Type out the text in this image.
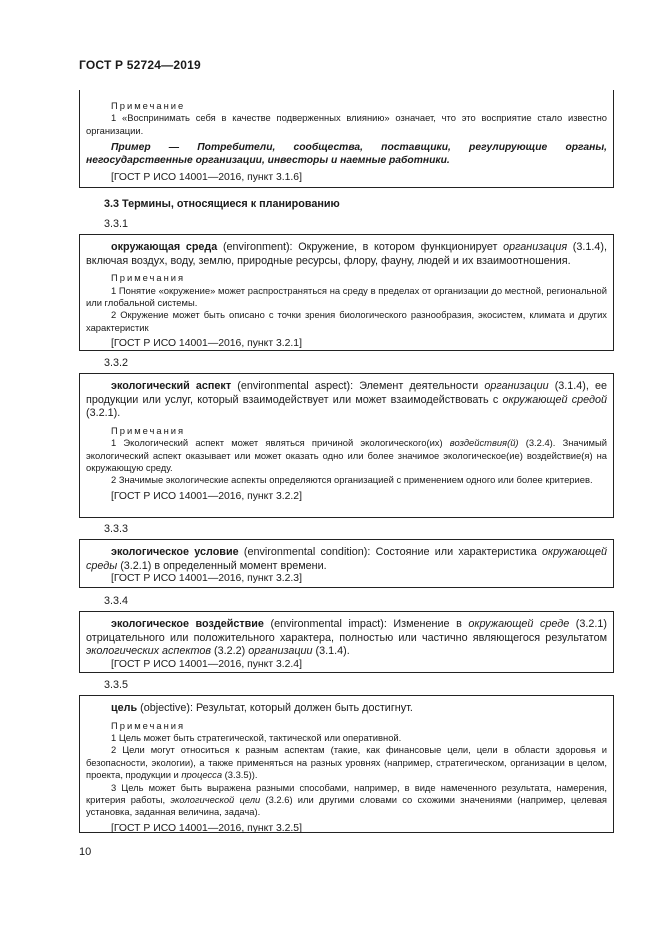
ГОСТ Р 52724—2019

Примечание

1 «Воспринимать себя в качестве подверженных влиянию» означает, что это восприятие стало известно организации.

Пример — Потребители, сообщества, поставщики, регулирующие органы, негосударственные организации, инвесторы и наемные работники.

[ГОСТ Р ИСО 14001—2016, пункт 3.1.6]

3.3 Термины, относящиеся к планированию
3.3.1

окружающая среда (environment): Окружение, в котором функционирует организация (3.1.4), включая воздух, воду, землю, природные ресурсы, флору, фауну, людей и их взаимоотношения.

Примечания

1 Понятие «окружение» может распространяться на среду в пределах от организации до местной, региональной или глобальной системы.

2 Окружение может быть описано с точки зрения биологического разнообразия, экосистем, климата и других характеристик

[ГОСТ Р ИСО 14001—2016, пункт 3.2.1]

3.3.2

экологический аспект (environmental aspect): Элемент деятельности организации (3.1.4), ее продукции или услуг, который взаимодействует или может взаимодействовать с окружающей средой (3.2.1).

Примечания

1 Экологический аспект может являться причиной экологического(их) воздействия(й) (3.2.4). Значимый экологический аспект оказывает или может оказать одно или более значимое экологическое(ие) воздействие(я) на окружающую среду.

2 Значимые экологические аспекты определяются организацией с применением одного или более критериев.

[ГОСТ Р ИСО 14001—2016, пункт 3.2.2]

3.3.3

экологическое условие (environmental condition): Состояние или характеристика окружающей среды (3.2.1) в определенный момент времени.

[ГОСТ Р ИСО 14001—2016, пункт 3.2.3]

3.3.4

экологическое воздействие (environmental impact): Изменение в окружающей среде (3.2.1) отрицательного или положительного характера, полностью или частично являющегося результатом экологических аспектов (3.2.2) организации (3.1.4).

[ГОСТ Р ИСО 14001—2016, пункт 3.2.4]

3.3.5

цель (objective): Результат, который должен быть достигнут.

Примечания

1 Цель может быть стратегической, тактической или оперативной.

2 Цели могут относиться к разным аспектам (такие, как финансовые цели, цели в области здоровья и безопасности, экологии), а также применяться на разных уровнях (например, стратегическом, организации в целом, проекта, продукции и процесса (3.3.5)).

3 Цель может быть выражена разными способами, например, в виде намеченного результата, намерения, критерия работы, экологической цели (3.2.6) или другими словами со схожими значениями (например, целевая установка, заданная величина, задача).

[ГОСТ Р ИСО 14001—2016, пункт 3.2.5]

10
